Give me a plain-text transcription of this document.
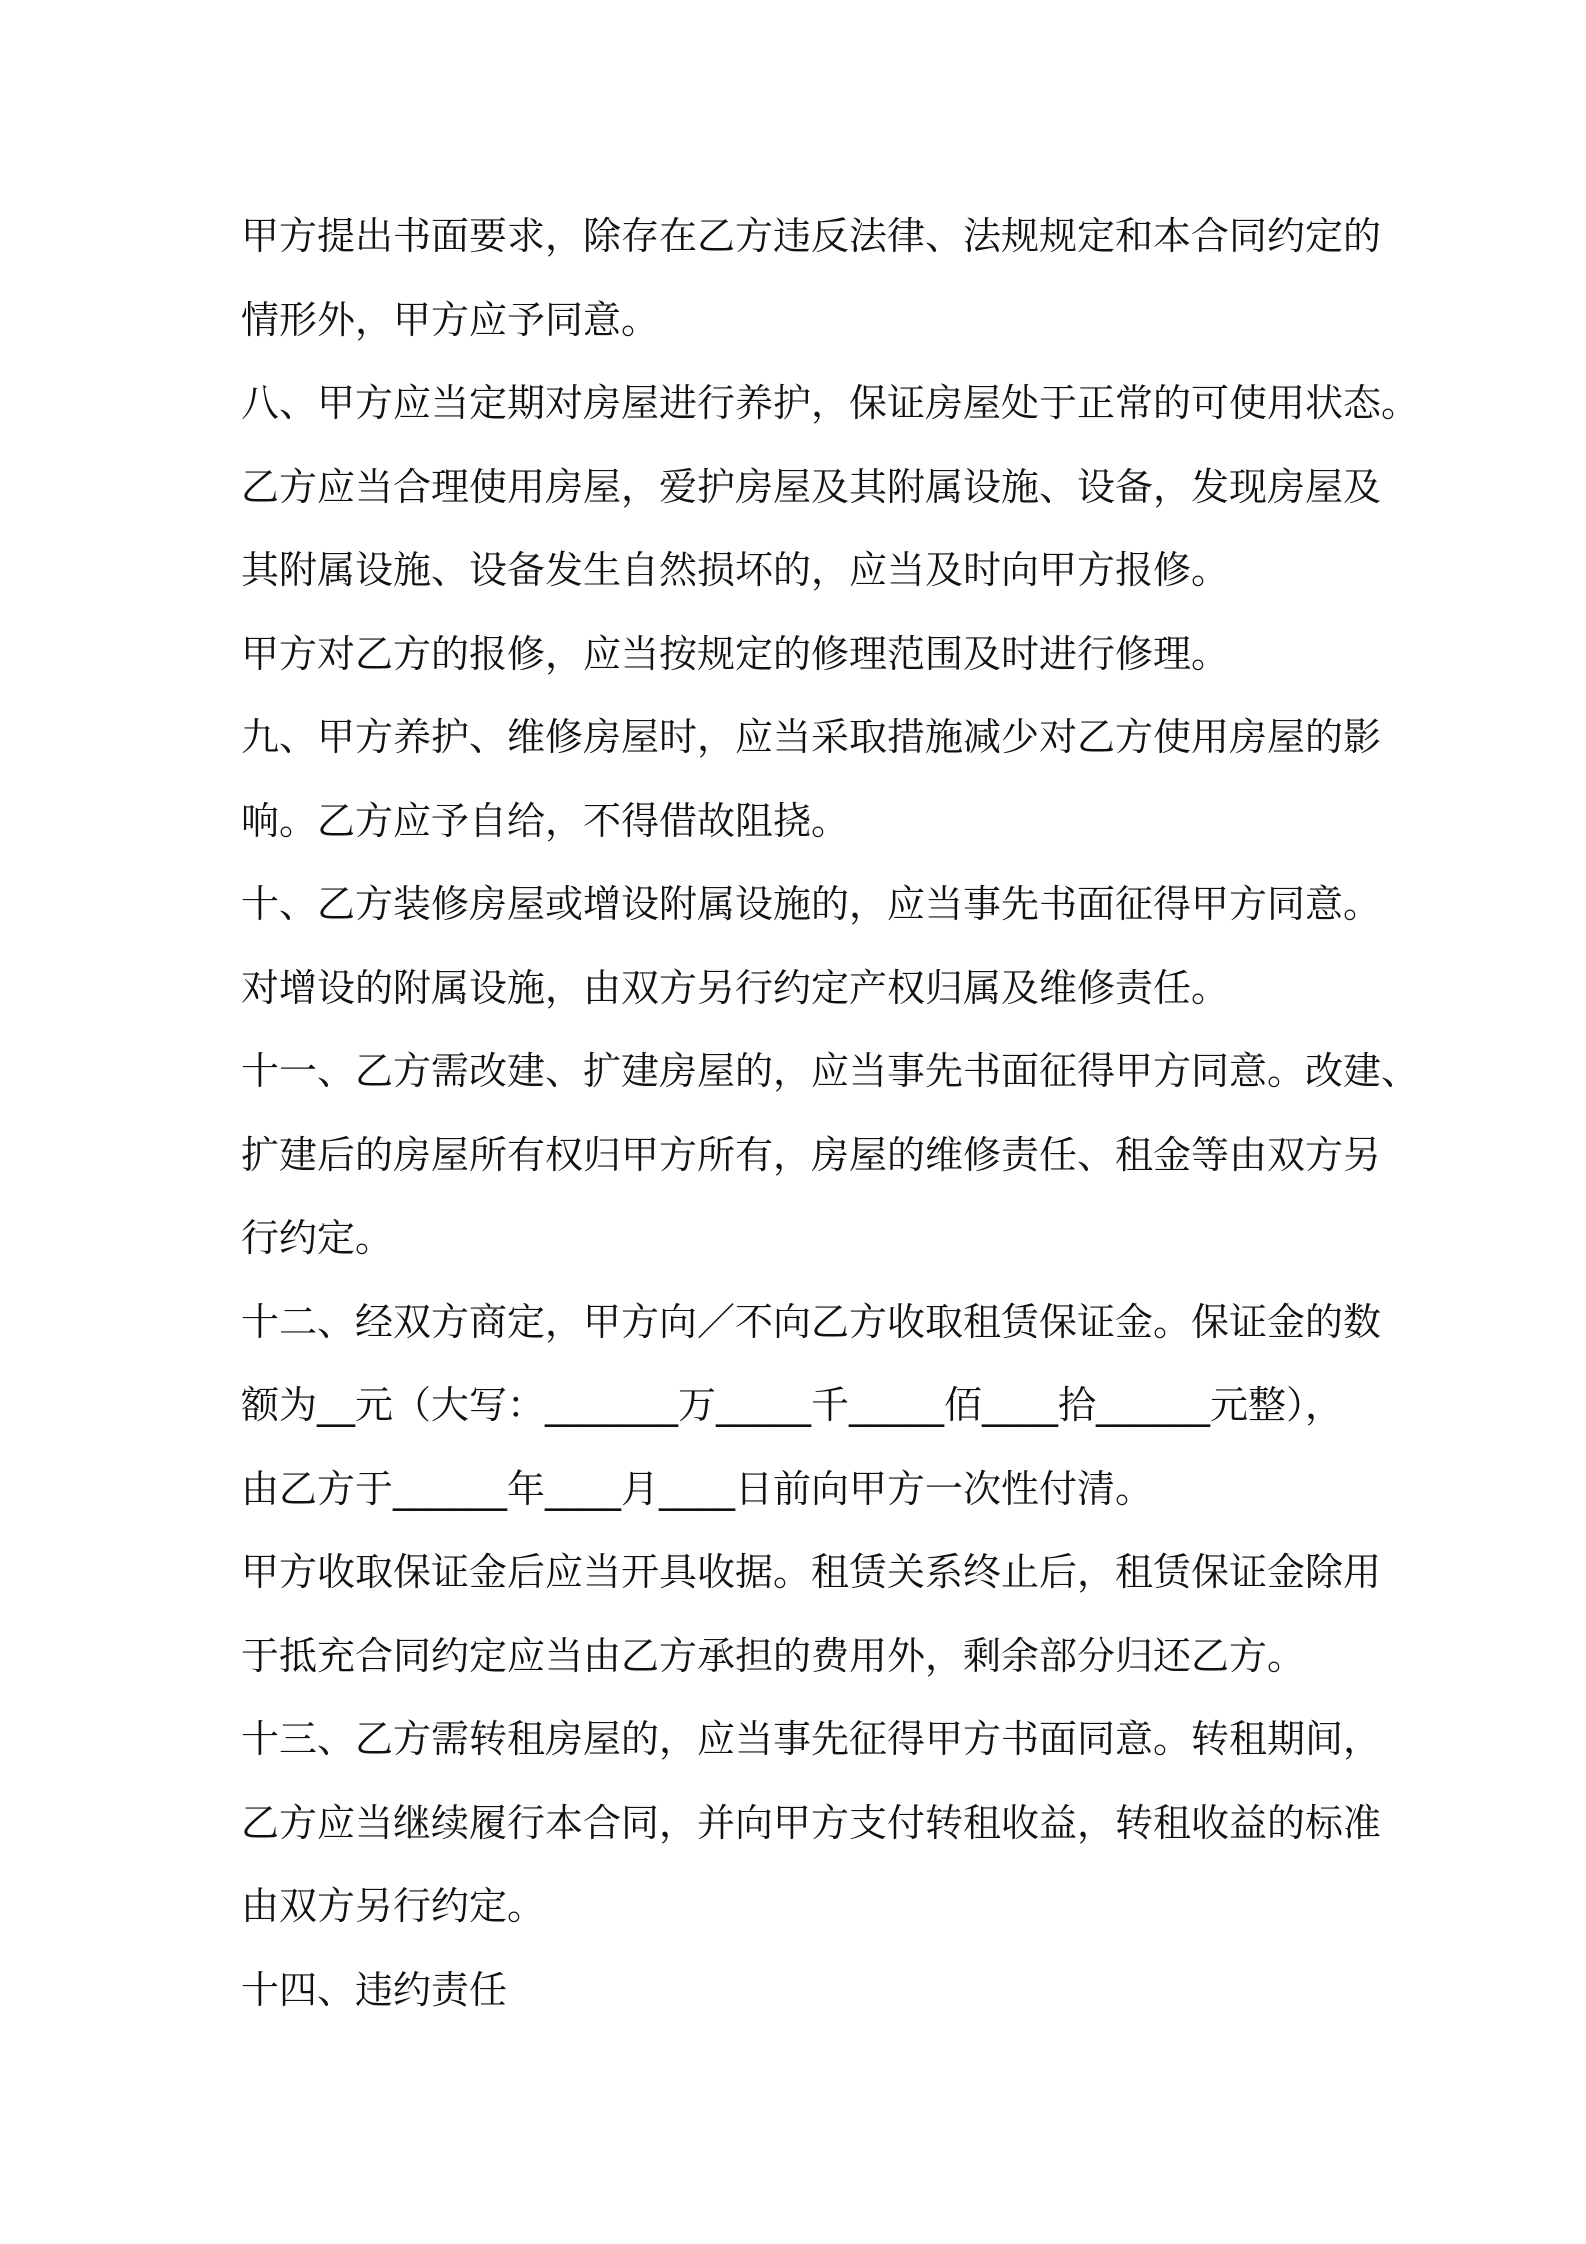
甲方提出书面要求，除存在乙方违反法律、法规规定和本合同约定的
情形外，甲方应予同意。
八、甲方应当定期对房屋进行养护，保证房屋处于正常的可使用状态。
乙方应当合理使用房屋，爱护房屋及其附属设施、设备，发现房屋及
其附属设施、设备发生自然损坏的，应当及时向甲方报修。
甲方对乙方的报修，应当按规定的修理范围及时进行修理。
九、甲方养护、维修房屋时，应当采取措施减少对乙方使用房屋的影
响。乙方应予自给，不得借故阻挠。
十、乙方装修房屋或增设附属设施的，应当事先书面征得甲方同意。
对增设的附属设施，由双方另行约定产权归属及维修责任。
十一、乙方需改建、扩建房屋的，应当事先书面征得甲方同意。改建、
扩建后的房屋所有权归甲方所有，房屋的维修责任、租金等由双方另
行约定。
十二、经双方商定，甲方向／不向乙方收取租赁保证金。保证金的数
额为__元（大写：_______万_____千_____佰____拾______元整），
由乙方于______年____月____日前向甲方一次性付清。
甲方收取保证金后应当开具收据。租赁关系终止后，租赁保证金除用
于抵充合同约定应当由乙方承担的费用外，剩余部分归还乙方。
十三、乙方需转租房屋的，应当事先征得甲方书面同意。转租期间，
乙方应当继续履行本合同，并向甲方支付转租收益，转租收益的标准
由双方另行约定。
十四、违约责任
